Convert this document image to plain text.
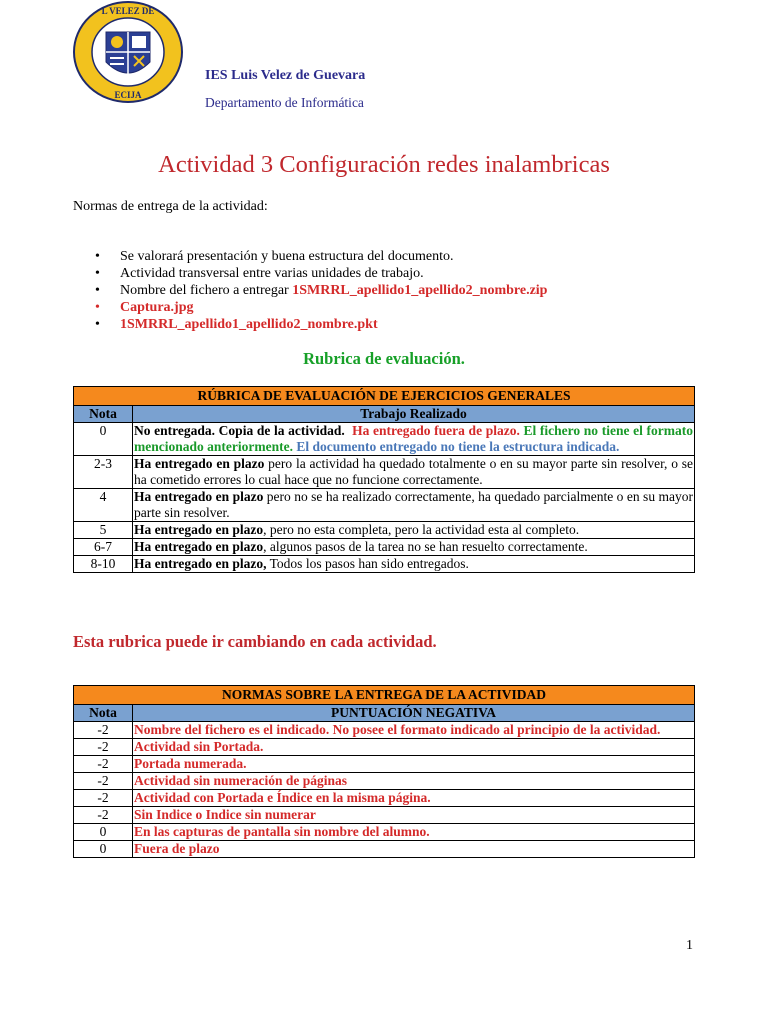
L VELEZ DE
ECIJA
IES Luis Velez de Guevara
Departamento de Informática
Actividad 3 Configuración redes inalambricas
Normas de entrega de la actividad:
• Se valorará presentación y buena estructura del documento.
• Actividad transversal entre varias unidades de trabajo.
• Nombre del fichero a entregar 1SMRRL_apellido1_apellido2_nombre.zip
• Captura.jpg
• 1SMRRL_apellido1_apellido2_nombre.pkt
Rubrica de evaluación.
RÚBRICA DE EVALUACIÓN DE EJERCICIOS GENERALES	
Nota	Trabajo Realizado
0	No entregada. Copia de la actividad. Ha entregado fuera de plazo. El fichero no tiene el formato mencionado anteriormente. El documento entregado no tiene la estructura indicada.
2-3	Ha entregado en plazo pero la actividad ha quedado totalmente o en su mayor parte sin resolver, o se ha cometido errores lo cual hace que no funcione correctamente.
4	Ha entregado en plazo pero no se ha realizado correctamente, ha quedado parcialmente o en su mayor parte sin resolver.
5	Ha entregado en plazo, pero no esta completa, pero la actividad esta al completo.
6-7	Ha entregado en plazo, algunos pasos de la tarea no se han resuelto correctamente.
8-10	Ha entregado en plazo, Todos los pasos han sido entregados.
Esta rubrica puede ir cambiando en cada actividad.
NORMAS SOBRE LA ENTREGA DE LA ACTIVIDAD	
Nota	PUNTUACIÓN NEGATIVA
-2	Nombre del fichero es el indicado. No posee el formato indicado al principio de la actividad.
-2	Actividad sin Portada.
-2	Portada numerada.
-2	Actividad sin numeración de páginas
-2	Actividad con Portada e Índice en la misma página.
-2	Sin Indice o Indice sin numerar
0	En las capturas de pantalla sin nombre del alumno.
0	Fuera de plazo
1
